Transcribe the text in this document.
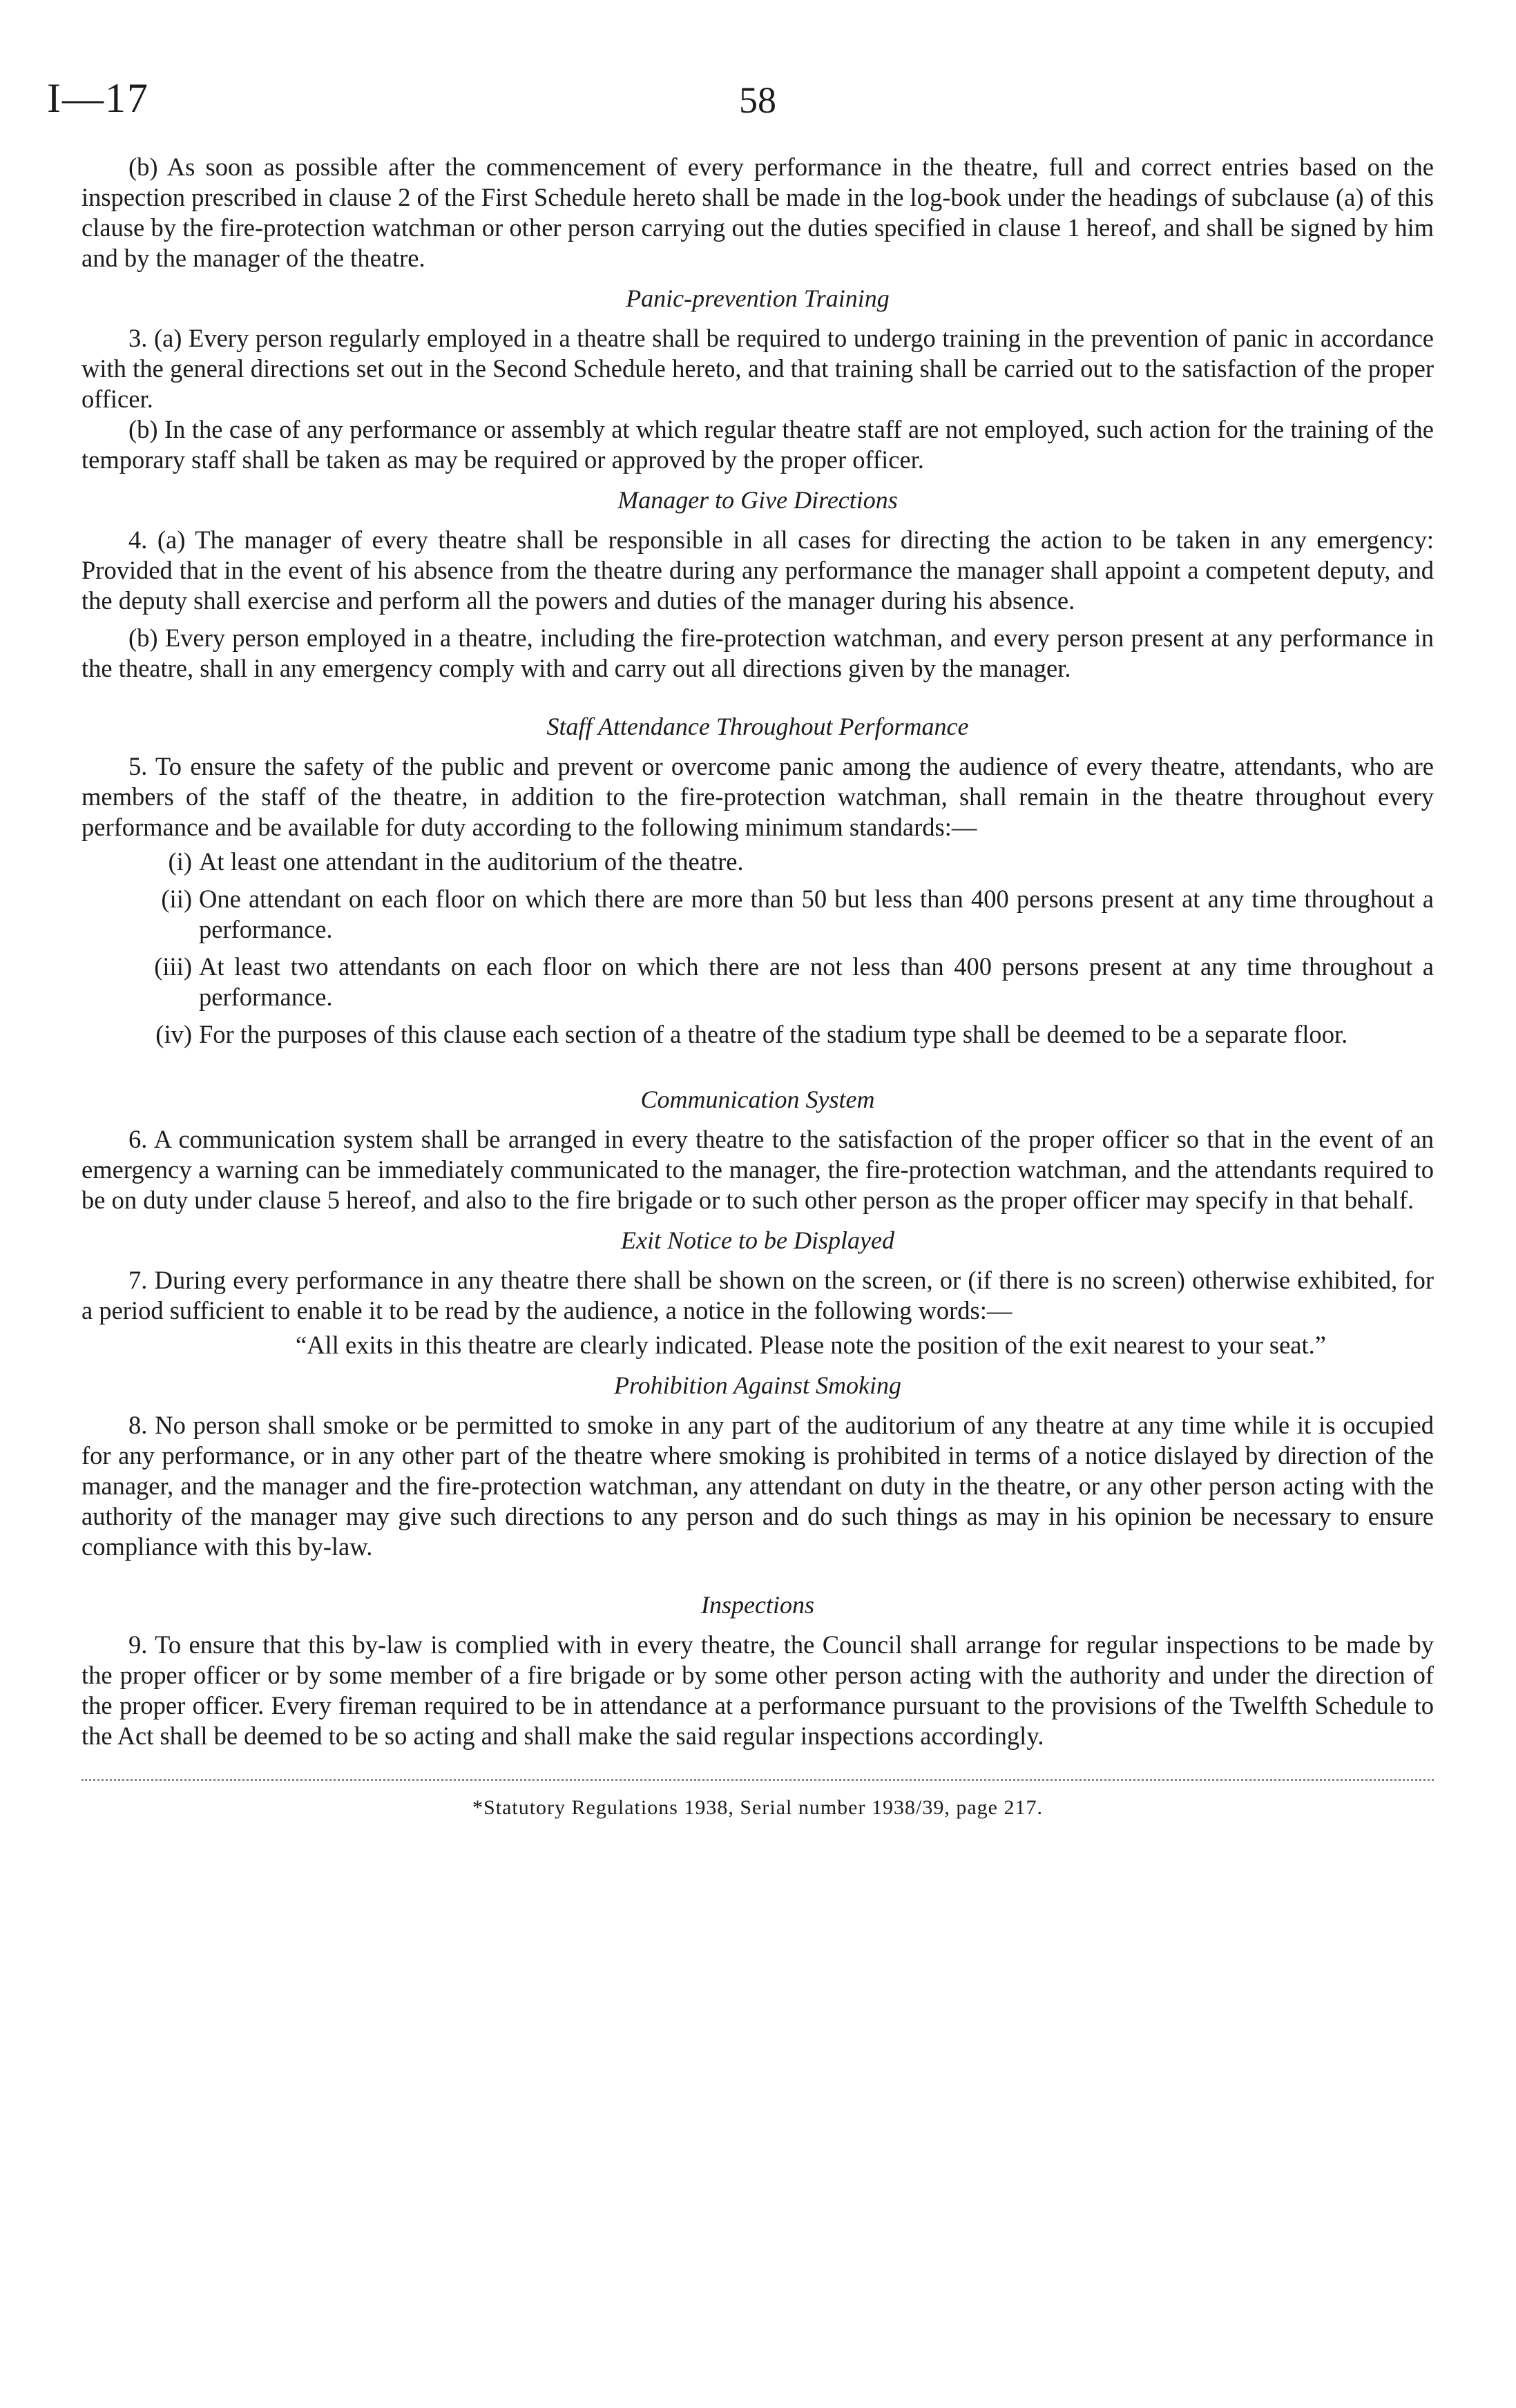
I—17	58

(b) As soon as possible after the commencement of every performance in the theatre, full and correct entries based on the inspection prescribed in clause 2 of the First Schedule hereto shall be made in the log-book under the headings of subclause (a) of this clause by the fire-protection watchman or other person carrying out the duties specified in clause 1 hereof, and shall be signed by him and by the manager of the theatre.

Panic-prevention Training

3. (a) Every person regularly employed in a theatre shall be required to undergo training in the prevention of panic in accordance with the general directions set out in the Second Schedule hereto, and that training shall be carried out to the satisfaction of the proper officer.

(b) In the case of any performance or assembly at which regular theatre staff are not employed, such action for the training of the temporary staff shall be taken as may be required or approved by the proper officer.

Manager to Give Directions

4. (a) The manager of every theatre shall be responsible in all cases for directing the action to be taken in any emergency: Provided that in the event of his absence from the theatre during any performance the manager shall appoint a competent deputy, and the deputy shall exercise and perform all the powers and duties of the manager during his absence.

(b) Every person employed in a theatre, including the fire-protection watchman, and every person present at any performance in the theatre, shall in any emergency comply with and carry out all directions given by the manager.

Staff Attendance Throughout Performance

5. To ensure the safety of the public and prevent or overcome panic among the audience of every theatre, attendants, who are members of the staff of the theatre, in addition to the fire-protection watchman, shall remain in the theatre throughout every performance and be available for duty according to the following minimum standards:—

(i) At least one attendant in the auditorium of the theatre.
(ii) One attendant on each floor on which there are more than 50 but less than 400 persons present at any time throughout a performance.
(iii) At least two attendants on each floor on which there are not less than 400 persons present at any time throughout a performance.
(iv) For the purposes of this clause each section of a theatre of the stadium type shall be deemed to be a separate floor.
Communication System

6. A communication system shall be arranged in every theatre to the satisfaction of the proper officer so that in the event of an emergency a warning can be immediately communicated to the manager, the fire-protection watchman, and the attendants required to be on duty under clause 5 hereof, and also to the fire brigade or to such other person as the proper officer may specify in that behalf.

Exit Notice to be Displayed

7. During every performance in any theatre there shall be shown on the screen, or (if there is no screen) otherwise exhibited, for a period sufficient to enable it to be read by the audience, a notice in the following words:—

“All exits in this theatre are clearly indicated. Please note the position of the exit nearest to your seat.”

Prohibition Against Smoking

8. No person shall smoke or be permitted to smoke in any part of the auditorium of any theatre at any time while it is occupied for any performance, or in any other part of the theatre where smoking is prohibited in terms of a notice dislayed by direction of the manager, and the manager and the fire-protection watchman, any attendant on duty in the theatre, or any other person acting with the authority of the manager may give such directions to any person and do such things as may in his opinion be necessary to ensure compliance with this by-law.

Inspections

9. To ensure that this by-law is complied with in every theatre, the Council shall arrange for regular inspections to be made by the proper officer or by some member of a fire brigade or by some other person acting with the authority and under the direction of the proper officer. Every fireman required to be in attendance at a performance pursuant to the provisions of the Twelfth Schedule to the Act shall be deemed to be so acting and shall make the said regular inspections accordingly.

*Statutory Regulations 1938, Serial number 1938/39, page 217.
